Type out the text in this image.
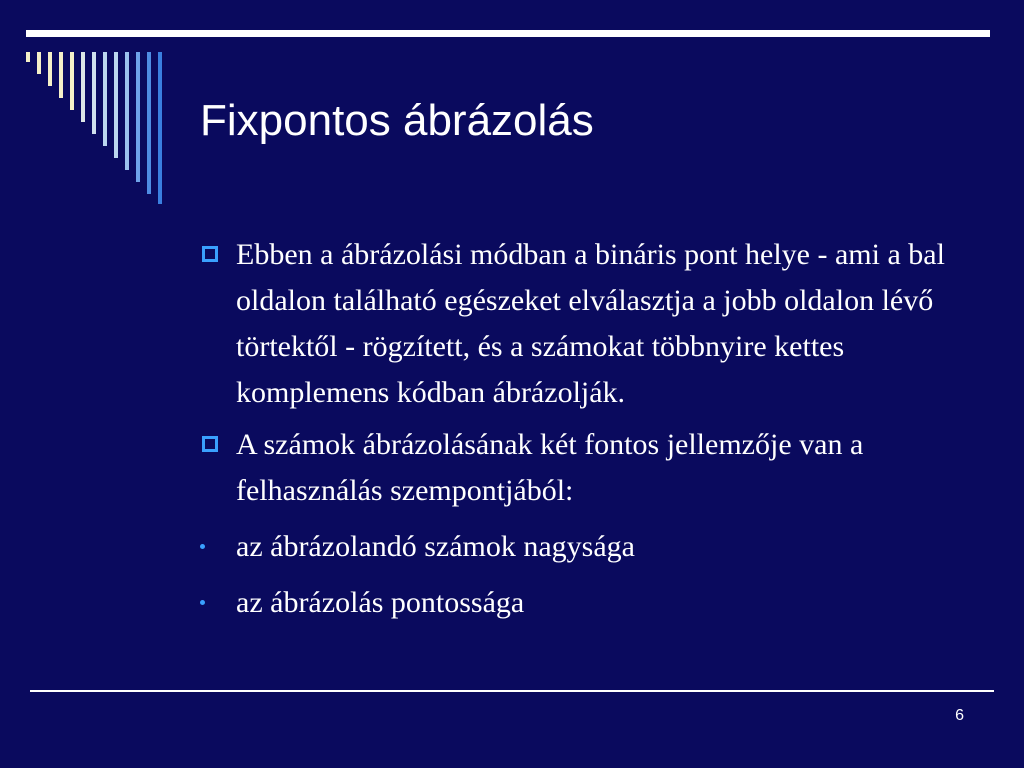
Fixpontos ábrázolás
Ebben a ábrázolási módban a bináris pont helye - ami a bal oldalon található egészeket elválasztja a jobb oldalon lévő törtektől - rögzített, és a számokat többnyire kettes komplemens kódban ábrázolják.
A számok ábrázolásának két fontos jellemzője van a felhasználás szempontjából:
az ábrázolandó számok nagysága
az ábrázolás pontossága
6
